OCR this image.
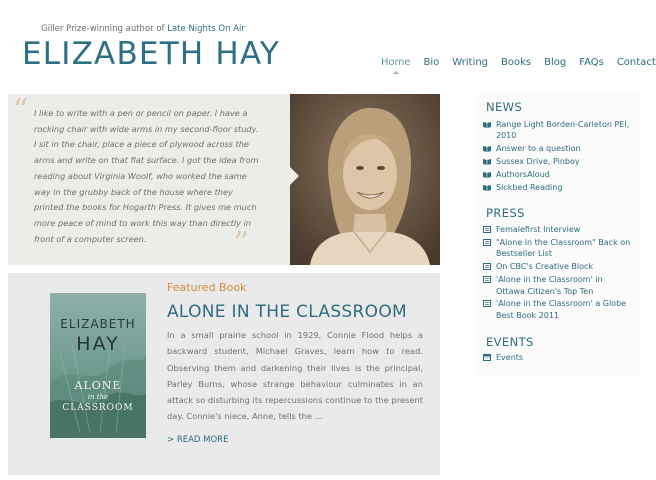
Giller Prize-winning author of Late Nights On Air
ELIZABETH HAY	Home Bio Writing Books Blog FAQs Contact
“ I like to write with a pen or pencil on paper. I have a rocking chair with wide arms in my second-floor study. I sit in the chair, place a piece of plywood across the arms and write on that flat surface. I got the idea from reading about Virginia Woolf, who worked the same way in the grubby back of the house where they printed the books for Hogarth Press. It gives me much more peace of mind to work this way than directly in front of a computer screen.	”
ELIZABETH
HAY
ALONE
in the
CLASSROOM
Featured Book
ALONE IN THE CLASSROOM
In a small prairie school in 1929, Connie Flood helps a backward student, Michael Graves, learn how to read. Observing them and darkening their lives is the principal, Parley Burns, whose strange behaviour culminates in an attack so disturbing its repercussions continue to the present day. Connie's niece, Anne, tells the ...
> READ MORE
NEWS
Range Light Borden-Carleton PEI, 2010
Answer to a question
Sussex Drive, Pinboy
AuthorsAloud
Sickbed Reading
PRESS
Femalefirst Interview
"Alone in the Classroom" Back on Bestseller List
On CBC's Creative Block
'Alone in the Classroom' in Ottawa Citizen's Top Ten
'Alone in the Classroom' a Globe Best Book 2011
EVENTS
Events
